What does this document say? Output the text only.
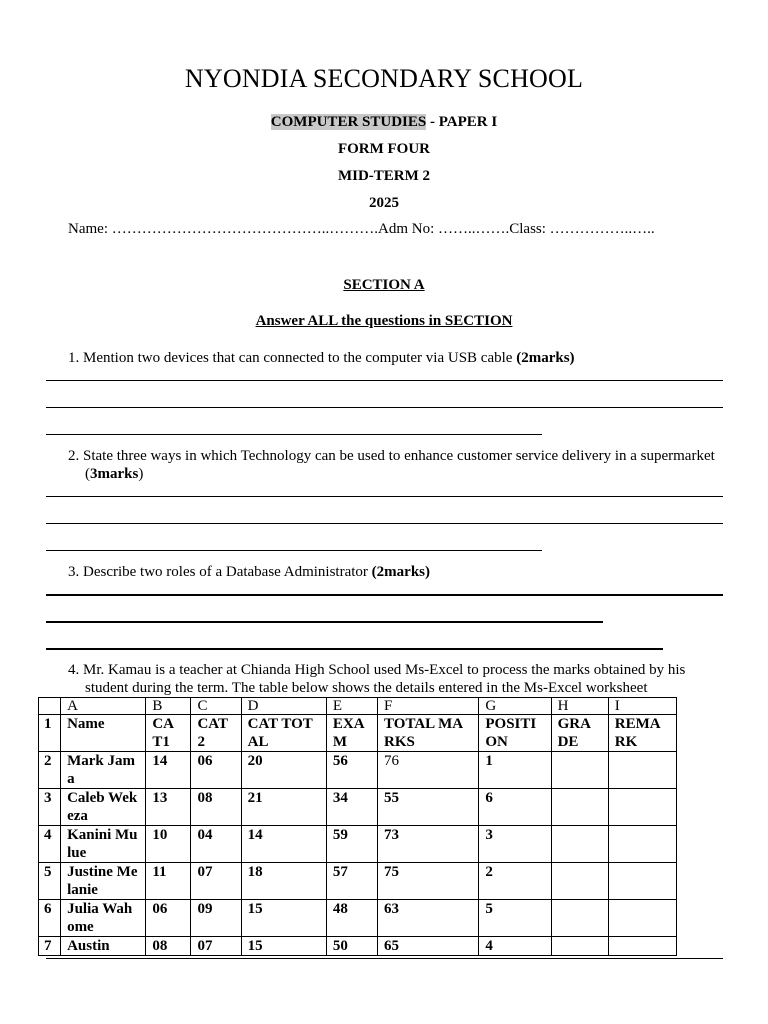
NYONDIA SECONDARY SCHOOL
COMPUTER STUDIES - PAPER I
FORM FOUR
MID-TERM 2
2025
Name: ……………………………………..……….Adm No: ……..…….Class: ……………..…..
SECTION A
Answer ALL the questions in SECTION
1. Mention two devices that can connected to the computer via USB cable (2marks)
2. State three ways in which Technology can be used to enhance customer service delivery in a supermarket
(3marks)
3. Describe two roles of a Database Administrator (2marks)
4. Mr. Kamau is a teacher at Chianda High School used Ms-Excel to process the marks obtained by his
student during the term. The table below shows the details entered in the Ms-Excel worksheet
	A	B	C	D	E	F	G	H	I
1	Name	CA T1	CAT 2	CAT TOTAL	EXA M	TOTAL MARKS	POSITI ON	GRA DE	REMA RK
2	Mark Jama	14	06	20	56	76	1		
3	Caleb Wekeza	13	08	21	34	55	6		
4	Kanini Mulue	10	04	14	59	73	3		
5	Justine Melanie	11	07	18	57	75	2		
6	Julia Wahome	06	09	15	48	63	5		
7	Austin	08	07	15	50	65	4		
